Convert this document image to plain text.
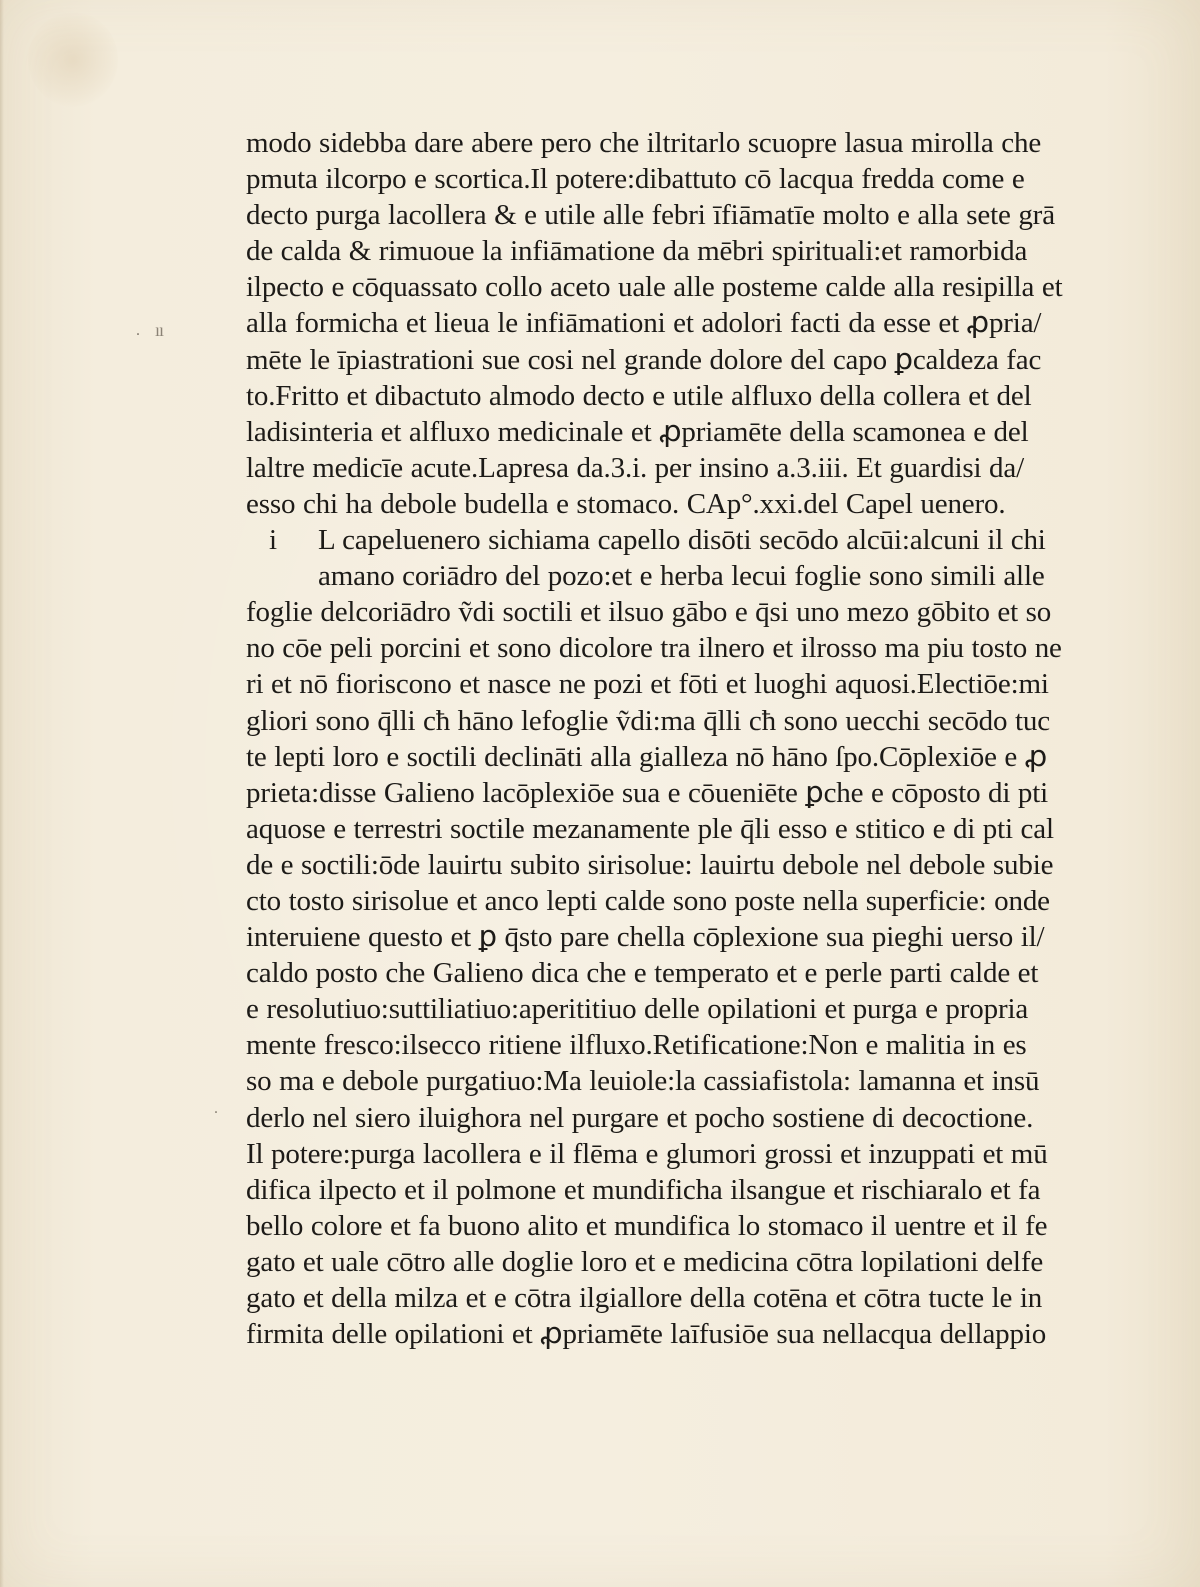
. ıı
.
modo sidebba dare abere pero che iltritarlo scuopre lasua mirolla che
pmuta ilcorpo e scortica.Il potere:dibattuto cō lacqua fredda come e
decto purga lacollera & e utile alle febri īfiāmatīe molto e alla sete grā
de calda & rimuoue la infiāmatione da mēbri spirituali:et ramorbida
ilpecto e cōquassato collo aceto uale alle posteme calde alla resipilla et
alla formicha et lieua le infiāmationi et adolori facti da esse et ꝓpria/
mēte le īpiastrationi sue cosi nel grande dolore del capo ꝑcaldeza fac
to.Fritto et dibactuto almodo decto e utile alfluxo della collera et del
ladisinteria et alfluxo medicinale et ꝓpriamēte della scamonea e del
laltre medicīe acute.Lapresa da.3.i. per insino a.3.iii. Et guardisi da/
esso chi ha debole budella e stomaco. CAp°.xxi.del Capel uenero.
i L capeluenero sichiama capello disōti secōdo alcūi:alcuni il chi
amano coriādro del pozo:et e herba lecui foglie sono simili alle
foglie delcoriādro ṽdi soctili et ilsuo gābo e q̄si uno mezo gōbito et so
no cōe peli porcini et sono dicolore tra ilnero et ilrosso ma piu tosto ne
ri et nō fioriscono et nasce ne pozi et fōti et luoghi aquosi.Electiōe:mi
gliori sono q̄lli cħ hāno lefoglie ṽdi:ma q̄lli cħ sono uecchi secōdo tuc
te lepti loro e soctili declināti alla gialleza nō hāno ſpo.Cōplexiōe e ꝓ
prieta:disse Galieno lacōplexiōe sua e cōueniēte ꝑche e cōposto di pti
aquose e terrestri soctile mezanamente ple q̄li esso e stitico e di pti cal
de e soctili:ōde lauirtu subito sirisolue: lauirtu debole nel debole subie
cto tosto sirisolue et anco lepti calde sono poste nella superficie: onde
interuiene questo et ꝑ q̄sto pare chella cōplexione sua pieghi uerso il/
caldo posto che Galieno dica che e temperato et e perle parti calde et
e resolutiuo:suttiliatiuo:aperititiuo delle opilationi et purga e propria
mente fresco:ilsecco ritiene ilfluxo.Retificatione:Non e malitia in es
so ma e debole purgatiuo:Ma leuiole:la cassiafistola: lamanna et insū
derlo nel siero iluighora nel purgare et pocho sostiene di decoctione.
Il potere:purga lacollera e il flēma e glumori grossi et inzuppati et mū
difica ilpecto et il polmone et mundificha ilsangue et rischiaralo et fa
bello colore et fa buono alito et mundifica lo stomaco il uentre et il fe
gato et uale cōtro alle doglie loro et e medicina cōtra lopilationi delfe
gato et della milza et e cōtra ilgiallore della cotēna et cōtra tucte le in
firmita delle opilationi et ꝓpriamēte laīfusiōe sua nellacqua dellappio
